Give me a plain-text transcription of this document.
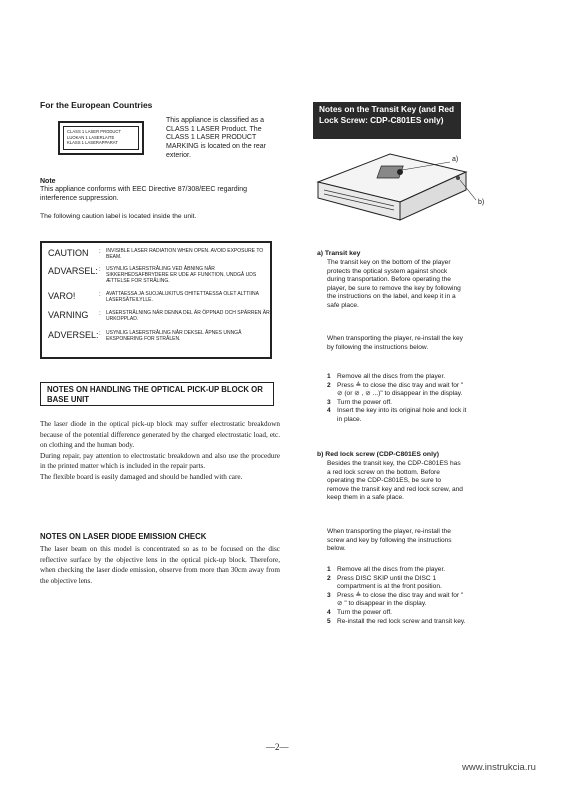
For the European Countries
CLASS 1 LASER PRODUCT
LUOKAN 1 LASERLAITE
KLASS 1 LASERAPPARAT
This appliance is classified as a CLASS 1 LASER Product. The CLASS 1 LASER PRODUCT MARKING is located on the rear exterior.
Note
This appliance conforms with EEC Directive 87/308/EEC regarding interference suppression.
The following caution label is located inside the unit.
CAUTION : INVISIBLE LASER RADIATION WHEN OPEN. AVOID EXPOSURE TO BEAM.
ADVARSEL: : USYNLIG LASERSTRÅLING VED ÅBNING NÅR SIKKERHEDSAFBRYDERE ER UDE AF FUNKTION. UNDGÅ UDS ÆTTELSE FOR STRÅLING.
VARO!	: AVATTAESSA JA SUOJALUKITUS OHITETTAESSA OLET ALTTIINA LASERSÄTEILYLLE.
VARNING : LASERSTRÅLNING NÄR DENNA DEL ÄR ÖPPNAD OCH SPÄRREN ÄR URKOPPLAD.
ADVERSEL: : USYNLIG LASERSTRÅLING NÅR DEKSEL ÅPNES UNNGÅ EKSPONERING FOR STRÅLEN.
NOTES ON HANDLING THE OPTICAL PICK-UP BLOCK OR BASE UNIT

The laser diode in the optical pick-up block may suffer electrostatic breakdown because of the potential difference generated by the charged electrostatic load, etc. on clothing and the human body.

During repair, pay attention to electrostatic breakdown and also use the procedure in the printed matter which is included in the repair parts.

The flexible board is easily damaged and should be handled with care.

NOTES ON LASER DIODE EMISSION CHECK
The laser beam on this model is concentrated so as to be focused on the disc reflective surface by the objective lens in the optical pick-up block. Therefore, when checking the laser diode emission, observe from more than 30cm away from the objective lens.
Notes on the Transit Key (and Red Lock Screw: CDP-C801ES only)
a)
b)
a) Transit key
The transit key on the bottom of the player protects the optical system against shock during transportation. Before operating the player, be sure to remove the key by following the instructions on the label, and keep it in a safe place.
When transporting the player, re-install the key by following the instructions below.
1 Remove all the discs from the player.
2 Press ≜ to close the disc tray and wait for " ⊘ (or ⊘ , ⊘ ...)" to disappear in the display.
3 Turn the power off.
4 Insert the key into its original hole and lock it in place.
b) Red lock screw (CDP-C801ES only)
Besides the transit key, the CDP-C801ES has a red lock screw on the bottom. Before operating the CDP-C801ES, be sure to remove the transit key and red lock screw, and keep them in a safe place.
When transporting the player, re-install the screw and key by following the instructions below.
1 Remove all the discs from the player.
2 Press DISC SKIP until the DISC 1 compartment is at the front position.
3 Press ≜ to close the disc tray and wait for " ⊘ " to disappear in the display.
4 Turn the power off.
5 Re-install the red lock screw and transit key.
—2—
www.instrukcia.ru
